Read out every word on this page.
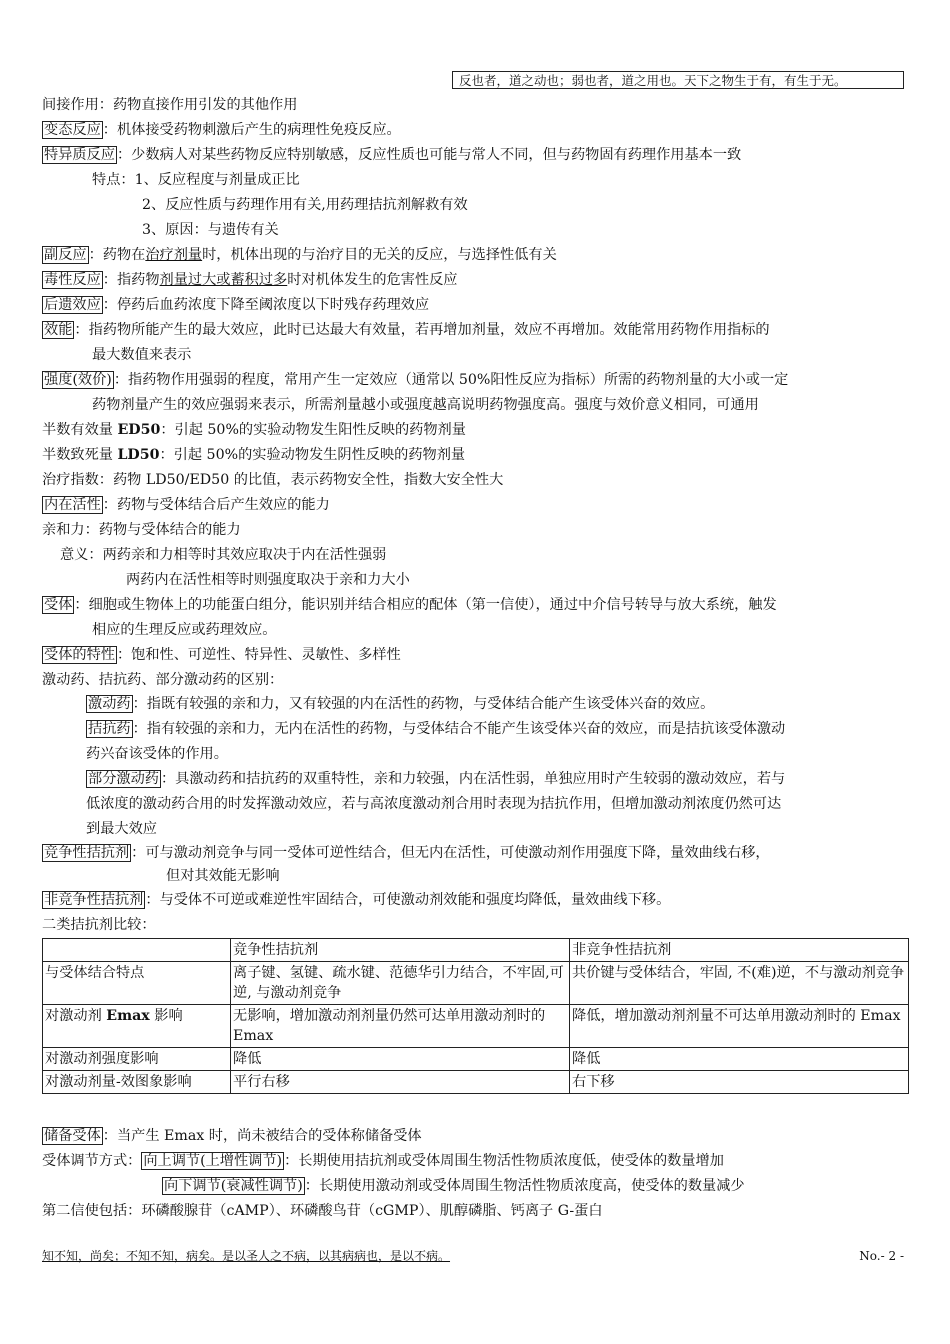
反也者，道之动也；弱也者，道之用也。天下之物生于有，有生于无。
间接作用：药物直接作用引发的其他作用
变态反应 ：机体接受药物刺激后产生的病理性免疫反应。
特异质反应 ：少数病人对某些药物反应特别敏感，反应性质也可能与常人不同，但与药物固有药理作用基本一致
特点：1、反应程度与剂量成正比
2、反应性质与药理作用有关,用药理拮抗剂解救有效
3、原因：与遗传有关
副反应 ：药物在治疗剂量时，机体出现的与治疗目的无关的反应，与选择性低有关
毒性反应 ：指药物剂量过大或蓄积过多时对机体发生的危害性反应
后遗效应 ：停药后血药浓度下降至阈浓度以下时残存药理效应
效能 ：指药物所能产生的最大效应，此时已达最大有效量，若再增加剂量，效应不再增加。效能常用药物作用指标的
最大数值来表示
强度(效价) ：指药物作用强弱的程度，常用产生一定效应（通常以 50%阳性反应为指标）所需的药物剂量的大小或一定
药物剂量产生的效应强弱来表示，所需剂量越小或强度越高说明药物强度高。强度与效价意义相同，可通用
半数有效量 ED50：引起 50%的实验动物发生阳性反映的药物剂量
半数致死量 LD50：引起 50%的实验动物发生阴性反映的药物剂量
治疗指数：药物 LD50/ED50 的比值，表示药物安全性，指数大安全性大
内在活性 ：药物与受体结合后产生效应的能力
亲和力：药物与受体结合的能力
意义：两药亲和力相等时其效应取决于内在活性强弱
两药内在活性相等时则强度取决于亲和力大小
受体 ：细胞或生物体上的功能蛋白组分，能识别并结合相应的配体（第一信使），通过中介信号转导与放大系统，触发
相应的生理反应或药理效应。
受体的特性 ：饱和性、可逆性、特异性、灵敏性、多样性
激动药、拮抗药、部分激动药的区别：
激动药 ：指既有较强的亲和力，又有较强的内在活性的药物，与受体结合能产生该受体兴奋的效应。
拮抗药 ：指有较强的亲和力，无内在活性的药物，与受体结合不能产生该受体兴奋的效应，而是拮抗该受体激动
药兴奋该受体的作用。
部分激动药 ：具激动药和拮抗药的双重特性，亲和力较强，内在活性弱，单独应用时产生较弱的激动效应，若与
低浓度的激动药合用的时发挥激动效应，若与高浓度激动剂合用时表现为拮抗作用，但增加激动剂浓度仍然可达
到最大效应
竞争性拮抗剂 ：可与激动剂竞争与同一受体可逆性结合，但无内在活性，可使激动剂作用强度下降，量效曲线右移，
但对其效能无影响
非竞争性拮抗剂 ：与受体不可逆或难逆性牢固结合，可使激动剂效能和强度均降低，量效曲线下移。
二类拮抗剂比较：
	竞争性拮抗剂	非竞争性拮抗剂
与受体结合特点	离子键、氢键、疏水键、范德华引力结合，不牢固,可逆, 与激动剂竞争	共价键与受体结合，牢固, 不(难)逆，不与激动剂竞争
对激动剂 Emax 影响	无影响，增加激动剂剂量仍然可达单用激动剂时的 Emax	降低，增加激动剂剂量不可达单用激动剂时的 Emax
对激动剂强度影响	降低	降低
对激动剂量-效图象影响	平行右移	右下移
储备受体 ：当产生 Emax 时，尚未被结合的受体称储备受体
受体调节方式： 向上调节(上增性调节) ：长期使用拮抗剂或受体周围生物活性物质浓度低，使受体的数量增加
向下调节(衰减性调节) ：长期使用激动剂或受体周围生物活性物质浓度高，使受体的数量减少
第二信使包括：环磷酸腺苷（cAMP）、环磷酸鸟苷（cGMP）、肌醇磷脂、钙离子 G-蛋白
知不知，尚矣；不知不知，病矣。是以圣人之不病，以其病病也，是以不病。	No.- 2 -
